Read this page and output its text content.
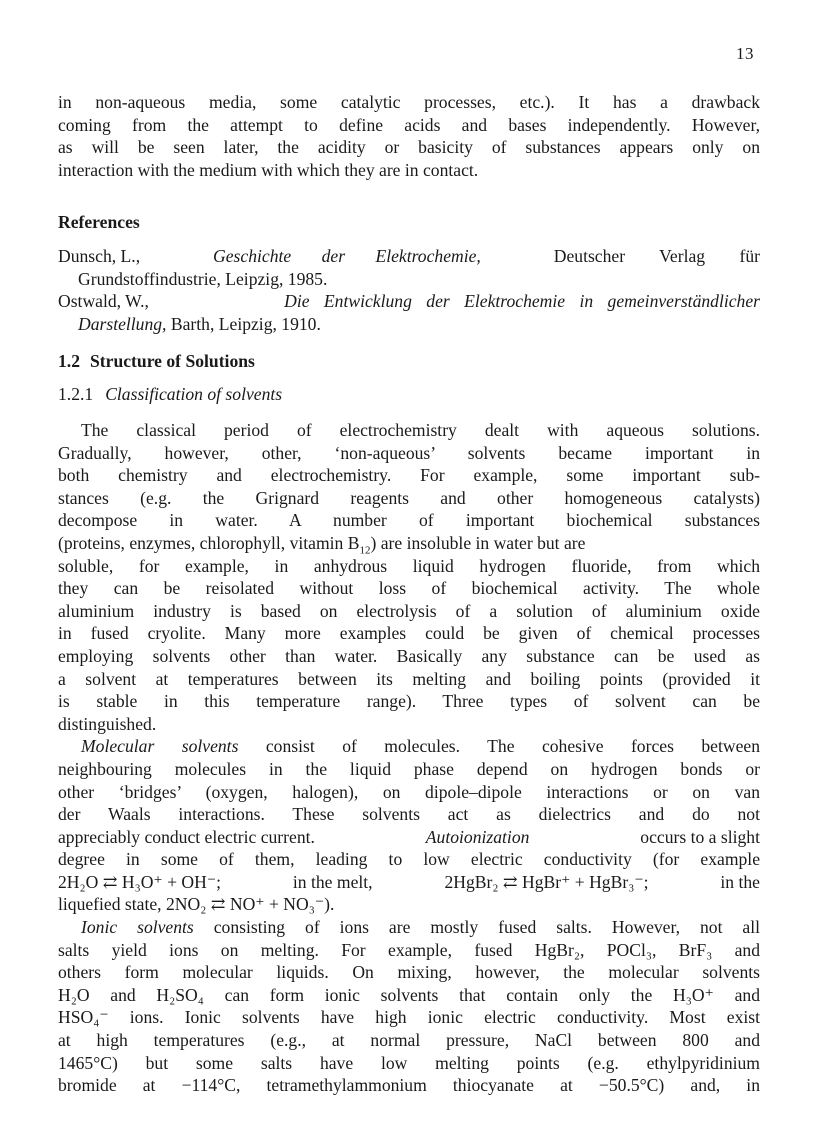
13
in non-aqueous media, some catalytic processes, etc.). It has a drawback
coming from the attempt to define acids and bases independently. However,
as will be seen later, the acidity or basicity of substances appears only on
interaction with the medium with which they are in contact.
References
Dunsch, L.,	Geschichte der Elektrochemie,	Deutscher Verlag für
Grundstoffindustrie, Leipzig, 1985.
Ostwald, W.,	Die Entwicklung der Elektrochemie in gemeinverständlicher
Darstellung, Barth, Leipzig, 1910.
1.2 Structure of Solutions
1.2.1 Classification of solvents
The classical period of electrochemistry dealt with aqueous solutions.
Gradually, however, other, ‘non-aqueous’ solvents became important in
both chemistry and electrochemistry. For example, some important sub-
stances (e.g. the Grignard reagents and other homogeneous catalysts)
decompose in water. A number of important biochemical substances
(proteins, enzymes, chlorophyll, vitamin $B_{12}$) are insoluble in water but are
soluble, for example, in anhydrous liquid hydrogen fluoride, from which
they can be reisolated without loss of biochemical activity. The whole
aluminium industry is based on electrolysis of a solution of aluminium oxide
in fused cryolite. Many more examples could be given of chemical processes
employing solvents other than water. Basically any substance can be used as
a solvent at temperatures between its melting and boiling points (provided it
is stable in this temperature range). Three types of solvent can be
distinguished.
Molecular solvents consist of molecules. The cohesive forces between
neighbouring molecules in the liquid phase depend on hydrogen bonds or
other ‘bridges’ (oxygen, halogen), on dipole–dipole interactions or on van
der Waals interactions. These solvents act as dielectrics and do not
appreciably conduct electric current.	Autoionization	occurs to a slight
degree in some of them, leading to low electric conductivity (for example
2H₂O ⇄ H₃O⁺ + OH⁻;	in the melt,	2HgBr₂ ⇄ HgBr⁺ + HgBr₃⁻;	in the
liquefied state, 2NO₂ ⇄ NO⁺ + NO₃⁻).
Ionic solvents consisting of ions are mostly fused salts. However, not all
salts yield ions on melting. For example, fused HgBr₂, POCl₃, BrF₃ and
others form molecular liquids. On mixing, however, the molecular solvents
H₂O and H₂SO₄ can form ionic solvents that contain only the H₃O⁺ and
HSO₄⁻ ions. Ionic solvents have high ionic electric conductivity. Most exist
at high temperatures (e.g., at normal pressure, NaCl between 800 and
1465°C) but some salts have low melting points (e.g. ethylpyridinium
bromide at −114°C, tetramethylammonium thiocyanate at −50.5°C) and, in
